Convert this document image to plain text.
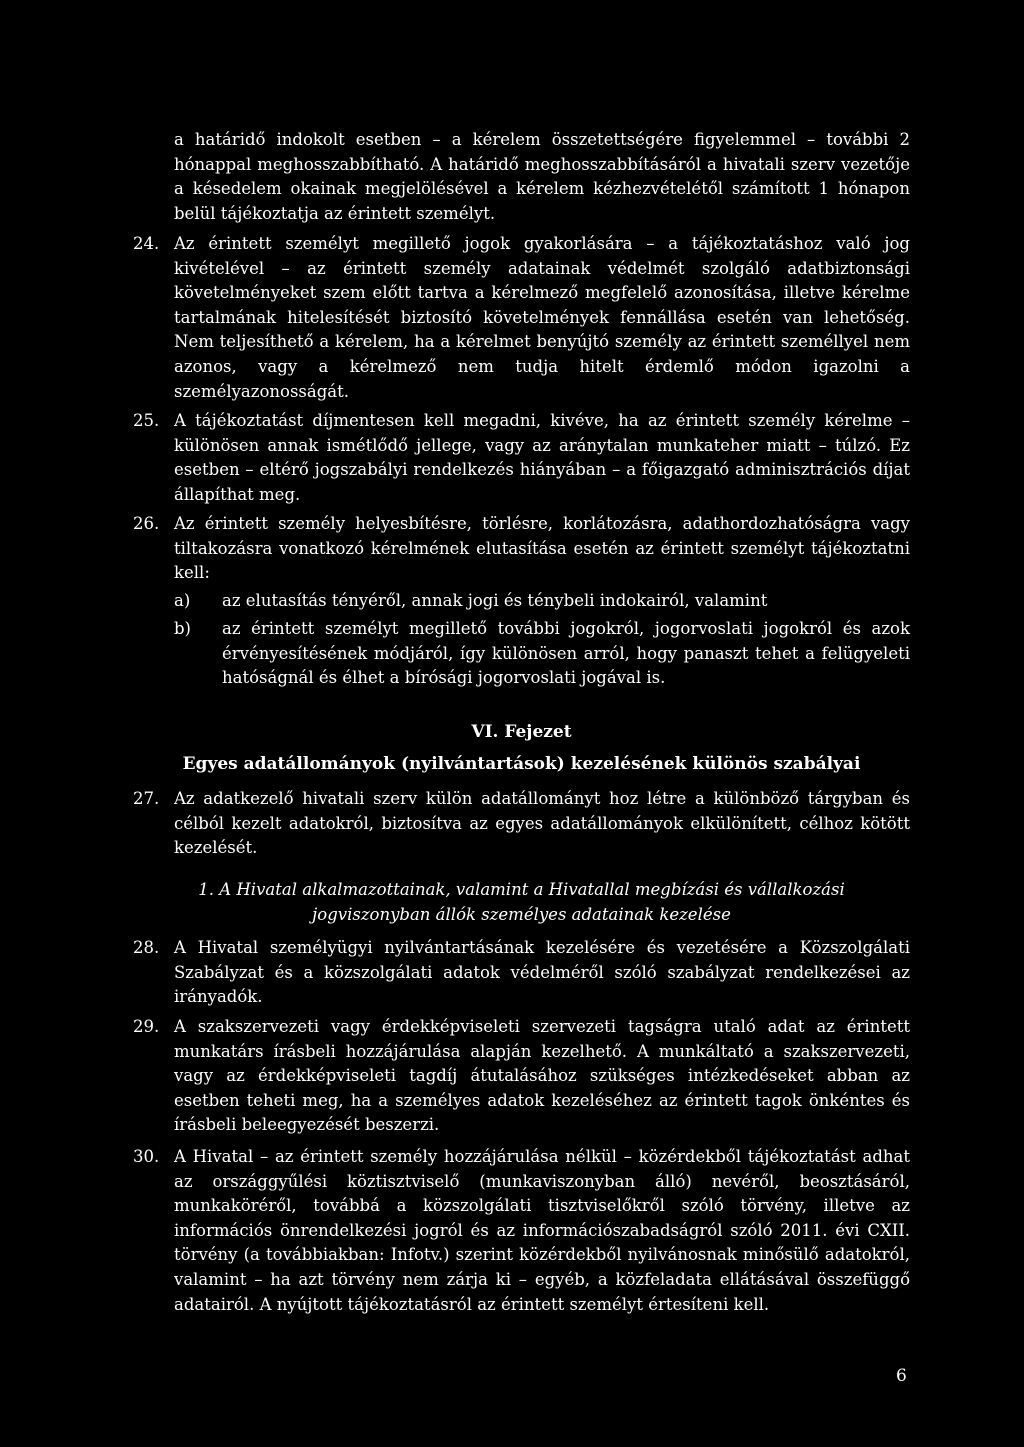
a határidő indokolt esetben – a kérelem összetettségére figyelemmel – további 2 hónappal meghosszabbítható. A határidő meghosszabbításáról a hivatali szerv vezetője a késedelem okainak megjelölésével a kérelem kézhezvételétől számított 1 hónapon belül tájékoztatja az érintett személyt.

24. Az érintett személyt megillető jogok gyakorlására – a tájékoztatáshoz való jog kivételével – az érintett személy adatainak védelmét szolgáló adatbiztonsági követelményeket szem előtt tartva a kérelmező megfelelő azonosítása, illetve kérelme tartalmának hitelesítését biztosító követelmények fennállása esetén van lehetőség. Nem teljesíthető a kérelem, ha a kérelmet benyújtó személy az érintett személlyel nem azonos, vagy a kérelmező nem tudja hitelt érdemlő módon igazolni a személyazonosságát.

25. A tájékoztatást díjmentesen kell megadni, kivéve, ha az érintett személy kérelme – különösen annak ismétlődő jellege, vagy az aránytalan munkateher miatt – túlzó. Ez esetben – eltérő jogszabályi rendelkezés hiányában – a főigazgató adminisztrációs díjat állapíthat meg.

26. Az érintett személy helyesbítésre, törlésre, korlátozásra, adathordozhatóságra vagy tiltakozásra vonatkozó kérelmének elutasítása esetén az érintett személyt tájékoztatni kell:

a) az elutasítás tényéről, annak jogi és ténybeli indokairól, valamint

b) az érintett személyt megillető további jogokról, jogorvoslati jogokról és azok érvényesítésének módjáról, így különösen arról, hogy panaszt tehet a felügyeleti hatóságnál és élhet a bírósági jogorvoslati jogával is.

VI. Fejezet
Egyes adatállományok (nyilvántartások) kezelésének különös szabályai
27. Az adatkezelő hivatali szerv külön adatállományt hoz létre a különböző tárgyban és célból kezelt adatokról, biztosítva az egyes adatállományok elkülönített, célhoz kötött kezelését.

1. A Hivatal alkalmazottainak, valamint a Hivatallal megbízási és vállalkozási
jogviszonyban állók személyes adatainak kezelése
28. A Hivatal személyügyi nyilvántartásának kezelésére és vezetésére a Közszolgálati Szabályzat és a közszolgálati adatok védelméről szóló szabályzat rendelkezései az irányadók.

29. A szakszervezeti vagy érdekképviseleti szervezeti tagságra utaló adat az érintett munkatárs írásbeli hozzájárulása alapján kezelhető. A munkáltató a szakszervezeti, vagy az érdekképviseleti tagdíj átutalásához szükséges intézkedéseket abban az esetben teheti meg, ha a személyes adatok kezeléséhez az érintett tagok önkéntes és írásbeli beleegyezését beszerzi.

30. A Hivatal – az érintett személy hozzájárulása nélkül – közérdekből tájékoztatást adhat az országgyűlési köztisztviselő (munkaviszonyban álló) nevéről, beosztásáról, munkaköréről, továbbá a közszolgálati tisztviselőkről szóló törvény, illetve az információs önrendelkezési jogról és az információszabadságról szóló 2011. évi CXII. törvény (a továbbiakban: Infotv.) szerint közérdekből nyilvánosnak minősülő adatokról, valamint – ha azt törvény nem zárja ki – egyéb, a közfeladata ellátásával összefüggő adatairól. A nyújtott tájékoztatásról az érintett személyt értesíteni kell.

6
